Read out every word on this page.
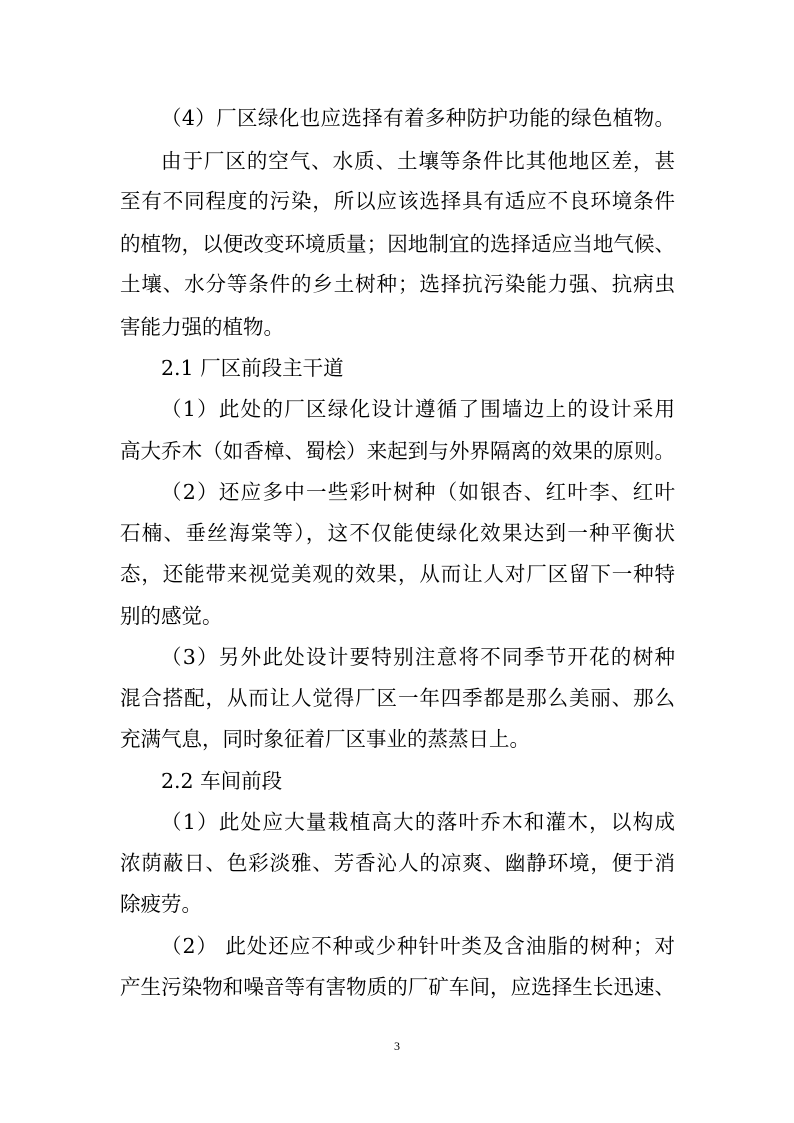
（4）厂区绿化也应选择有着多种防护功能的绿色植物。
由于厂区的空气、水质、土壤等条件比其他地区差，甚
至有不同程度的污染，所以应该选择具有适应不良环境条件
的植物，以便改变环境质量；因地制宜的选择适应当地气候、
土壤、水分等条件的乡土树种；选择抗污染能力强、抗病虫
害能力强的植物。
2.1 厂区前段主干道
（1）此处的厂区绿化设计遵循了围墙边上的设计采用
高大乔木（如香樟、蜀桧）来起到与外界隔离的效果的原则。
（2）还应多中一些彩叶树种（如银杏、红叶李、红叶
石楠、垂丝海棠等），这不仅能使绿化效果达到一种平衡状
态，还能带来视觉美观的效果，从而让人对厂区留下一种特
别的感觉。
（3）另外此处设计要特别注意将不同季节开花的树种
混合搭配，从而让人觉得厂区一年四季都是那么美丽、那么
充满气息，同时象征着厂区事业的蒸蒸日上。
2.2 车间前段
（1）此处应大量栽植高大的落叶乔木和灌木，以构成
浓荫蔽日、色彩淡雅、芳香沁人的凉爽、幽静环境，便于消
除疲劳。
（2） 此处还应不种或少种针叶类及含油脂的树种；对
产生污染物和噪音等有害物质的厂矿车间，应选择生长迅速、
3
